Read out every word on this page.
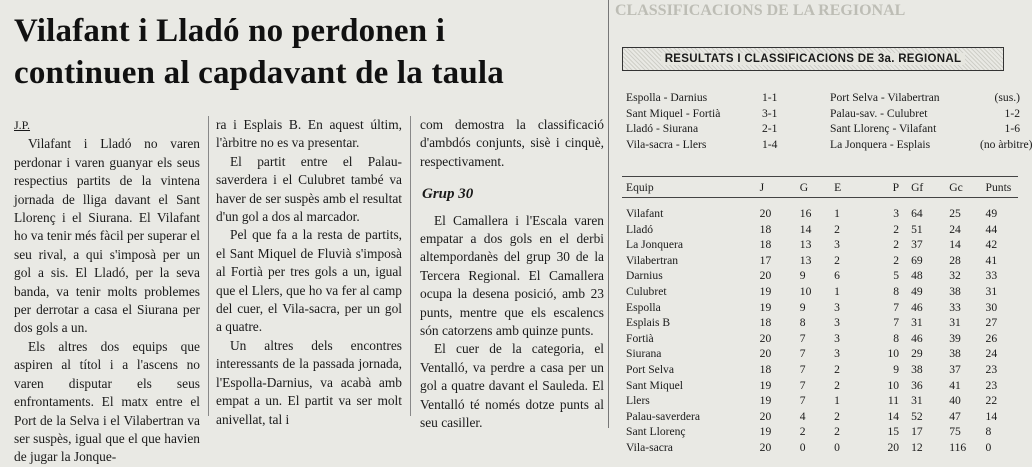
Vilafant i Lladó no perdonen i
continuen al capdavant de la taula
CLASSIFICACIONS DE LA REGIONAL
J.P.

Vilafant i Lladó no varen perdonar i varen guanyar els seus respectius partits de la vintena jornada de lliga davant el Sant Llorenç i el Siurana. El Vilafant ho va tenir més fàcil per superar el seu rival, a qui s'imposà per un gol a sis. El Lladó, per la seva banda, va tenir molts problemes per derrotar a casa el Siurana per dos gols a un.

Els altres dos equips que aspiren al títol i a l'ascens no varen disputar els seus enfrontaments. El matx entre el Port de la Selva i el Vilabertran va ser suspès, igual que el que havien de jugar la Jonque-

ra i Esplais B. En aquest últim, l'àrbitre no es va presentar.

El partit entre el Palau-saverdera i el Culubret també va haver de ser suspès amb el resultat d'un gol a dos al marcador.

Pel que fa a la resta de partits, el Sant Miquel de Fluvià s'imposà al Fortià per tres gols a un, igual que el Llers, que ho va fer al camp del cuer, el Vila-sacra, per un gol a quatre.

Un altres dels encontres interessants de la passada jornada, l'Espolla-Darnius, va acabà amb empat a un. El partit va ser molt anivellat, tal i

com demostra la classificació d'ambdós conjunts, sisè i cinquè, respectivament.

Grup 30

El Camallera i l'Escala varen empatar a dos gols en el derbi altempordanès del grup 30 de la Tercera Regional. El Camallera ocupa la desena posició, amb 23 punts, mentre que els escalencs són catorzens amb quinze punts.

El cuer de la categoria, el Ventalló, va perdre a casa per un gol a quatre davant el Sauleda. El Ventalló té només dotze punts al seu casiller.

RESULTATS I CLASSIFICACIONS DE 3a. REGIONAL
Espolla - Darnius	1-1	Port Selva - Vilabertran	(sus.)
Sant Miquel - Fortià	3-1	Palau-sav. - Culubret	1-2
Lladó - Siurana	2-1	Sant Llorenç - Vilafant	1-6
Vila-sacra - Llers	1-4	La Jonquera - Esplais	(no àrbitre)
Equip	J	G	E	P	Gf	Gc	Punts
Vilafant	20	16	1	3	64	25	49
Lladó	18	14	2	2	51	24	44
La Jonquera	18	13	3	2	37	14	42
Vilabertran	17	13	2	2	69	28	41
Darnius	20	9	6	5	48	32	33
Culubret	19	10	1	8	49	38	31
Espolla	19	9	3	7	46	33	30
Esplais B	18	8	3	7	31	31	27
Fortià	20	7	3	8	46	39	26
Siurana	20	7	3	10	29	38	24
Port Selva	18	7	2	9	38	37	23
Sant Miquel	19	7	2	10	36	41	23
Llers	19	7	1	11	31	40	22
Palau-saverdera	20	4	2	14	52	47	14
Sant Llorenç	19	2	2	15	17	75	8
Vila-sacra	20	0	0	20	12	116	0
